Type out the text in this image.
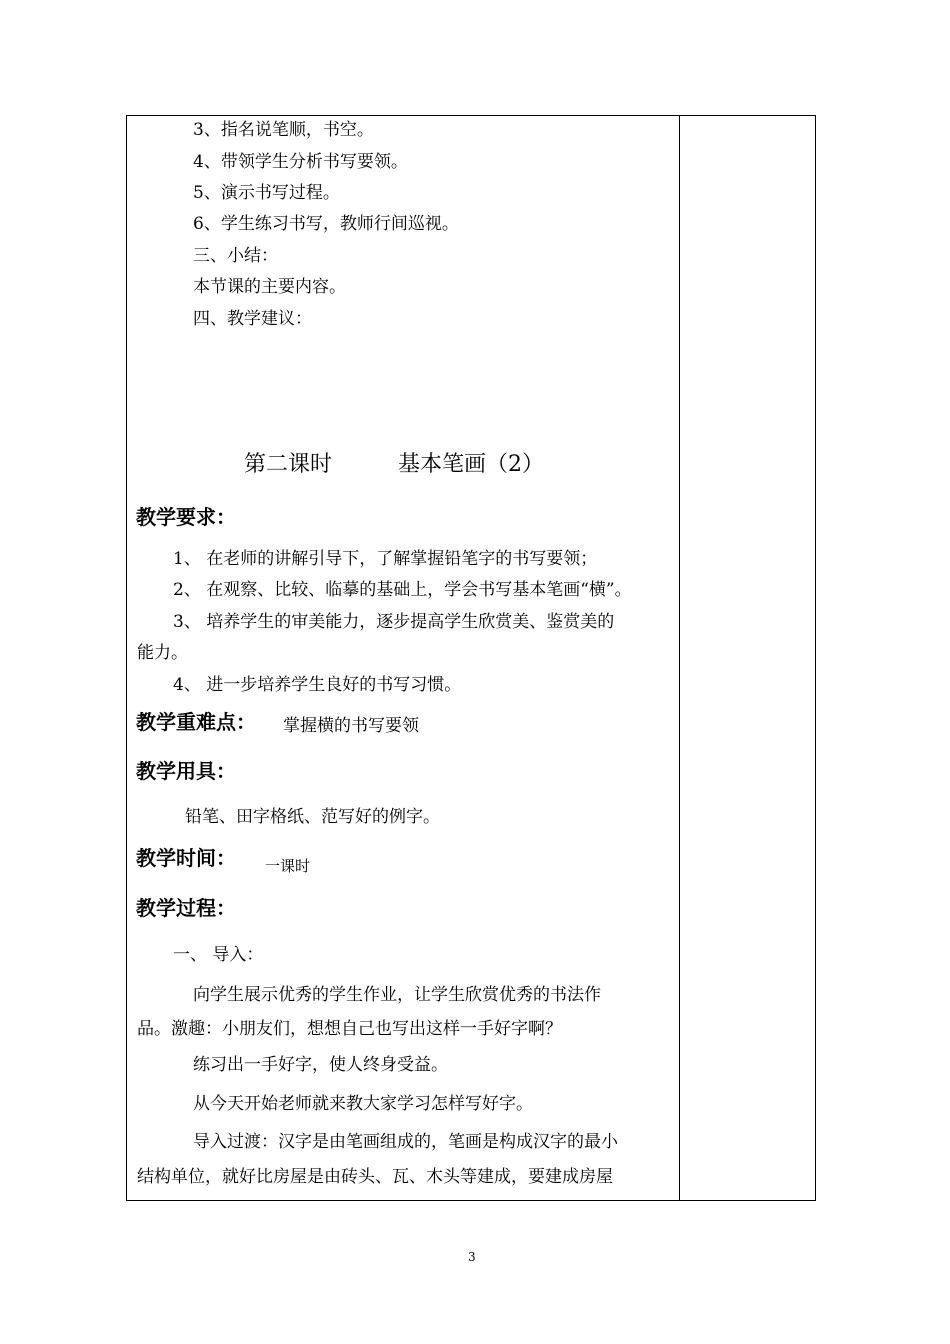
3、指名说笔顺，书空。
4、带领学生分析书写要领。
5、演示书写过程。
6、学生练习书写，教师行间巡视。
三、小结：
本节课的主要内容。
四、教学建议：
第二课时	基本笔画（2）
教学要求：
1、 在老师的讲解引导下，了解掌握铅笔字的书写要领；
2、 在观察、比较、临摹的基础上，学会书写基本笔画“横”。
3、 培养学生的审美能力，逐步提高学生欣赏美、鉴赏美的
能力。
4、 进一步培养学生良好的书写习惯。
教学重难点： 掌握横的书写要领
教学用具：
铅笔、田字格纸、范写好的例字。
教学时间： 一课时
教学过程：
一、 导入：
向学生展示优秀的学生作业，让学生欣赏优秀的书法作
品。激趣：小朋友们，想想自己也写出这样一手好字啊？
练习出一手好字，使人终身受益。
从今天开始老师就来教大家学习怎样写好字。
导入过渡：汉字是由笔画组成的，笔画是构成汉字的最小
结构单位，就好比房屋是由砖头、瓦、木头等建成，要建成房屋
3
